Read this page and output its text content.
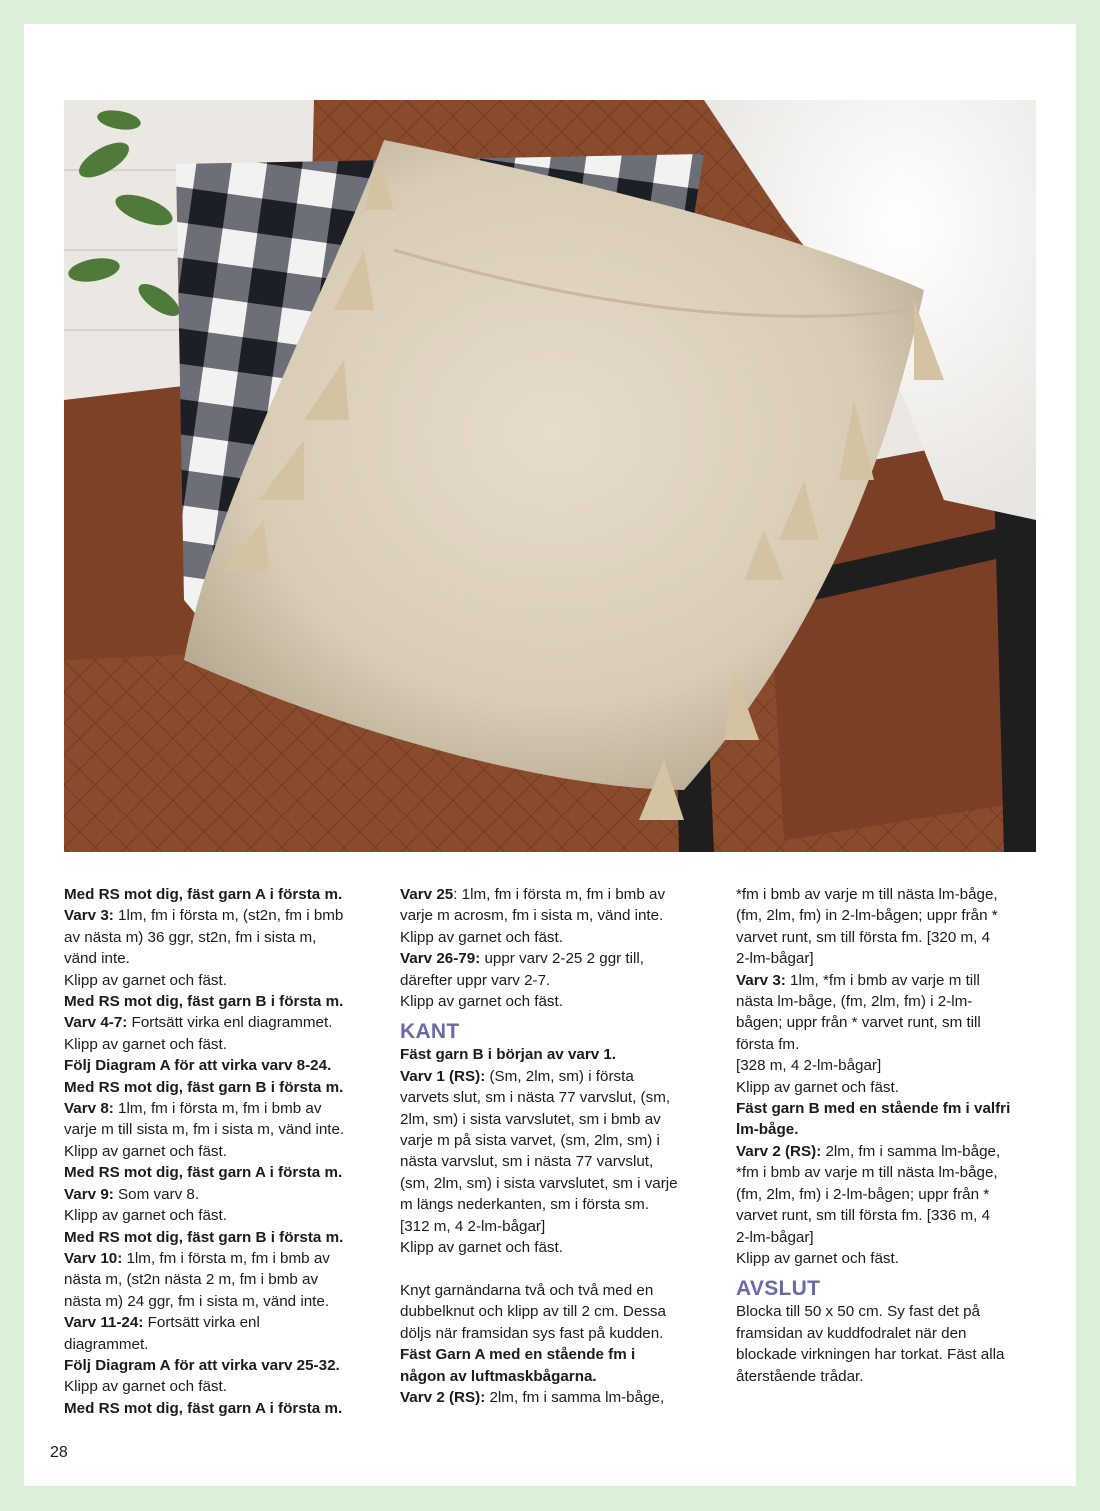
Med RS mot dig, fäst garn A i första m.
Varv 3: 1lm, fm i första m, (st2n, fm i bmb
av nästa m) 36 ggr, st2n, fm i sista m,
vänd inte.
Klipp av garnet och fäst.
Med RS mot dig, fäst garn B i första m.
Varv 4-7: Fortsätt virka enl diagrammet.
Klipp av garnet och fäst.
Följ Diagram A för att virka varv 8-24.
Med RS mot dig, fäst garn B i första m.
Varv 8: 1lm, fm i första m, fm i bmb av
varje m till sista m, fm i sista m, vänd inte.
Klipp av garnet och fäst.
Med RS mot dig, fäst garn A i första m.
Varv 9: Som varv 8.
Klipp av garnet och fäst.
Med RS mot dig, fäst garn B i första m.
Varv 10: 1lm, fm i första m, fm i bmb av
nästa m, (st2n nästa 2 m, fm i bmb av
nästa m) 24 ggr, fm i sista m, vänd inte.
Varv 11-24: Fortsätt virka enl
diagrammet.
Följ Diagram A för att virka varv 25-32.
Klipp av garnet och fäst.
Med RS mot dig, fäst garn A i första m.
Varv 25: 1lm, fm i första m, fm i bmb av
varje m acrosm, fm i sista m, vänd inte.
Klipp av garnet och fäst.
Varv 26-79: uppr varv 2-25 2 ggr till,
därefter uppr varv 2-7.
Klipp av garnet och fäst.
KANT
Fäst garn B i början av varv 1.
Varv 1 (RS): (Sm, 2lm, sm) i första
varvets slut, sm i nästa 77 varvslut, (sm,
2lm, sm) i sista varvslutet, sm i bmb av
varje m på sista varvet, (sm, 2lm, sm) i
nästa varvslut, sm i nästa 77 varvslut,
(sm, 2lm, sm) i sista varvslutet, sm i varje
m längs nederkanten, sm i första sm.
[312 m, 4 2-lm-bågar]
Klipp av garnet och fäst.
Knyt garnändarna två och två med en
dubbelknut och klipp av till 2 cm. Dessa
döljs när framsidan sys fast på kudden.
Fäst Garn A med en stående fm i
någon av luftmaskbågarna.
Varv 2 (RS): 2lm, fm i samma lm-båge,
*fm i bmb av varje m till nästa lm-båge,
(fm, 2lm, fm) in 2-lm-bågen; uppr från *
varvet runt, sm till första fm. [320 m, 4
2-lm-bågar]
Varv 3: 1lm, *fm i bmb av varje m till
nästa lm-båge, (fm, 2lm, fm) i 2-lm-
bågen; uppr från * varvet runt, sm till
första fm.
[328 m, 4 2-lm-bågar]
Klipp av garnet och fäst.
Fäst garn B med en stående fm i valfri
lm-båge.
Varv 2 (RS): 2lm, fm i samma lm-båge,
*fm i bmb av varje m till nästa lm-båge,
(fm, 2lm, fm) i 2-lm-bågen; uppr från *
varvet runt, sm till första fm. [336 m, 4
2-lm-bågar]
Klipp av garnet och fäst.
AVSLUT
Blocka till 50 x 50 cm. Sy fast det på
framsidan av kuddfodralet när den
blockade virkningen har torkat. Fäst alla
återstående trådar.
28
